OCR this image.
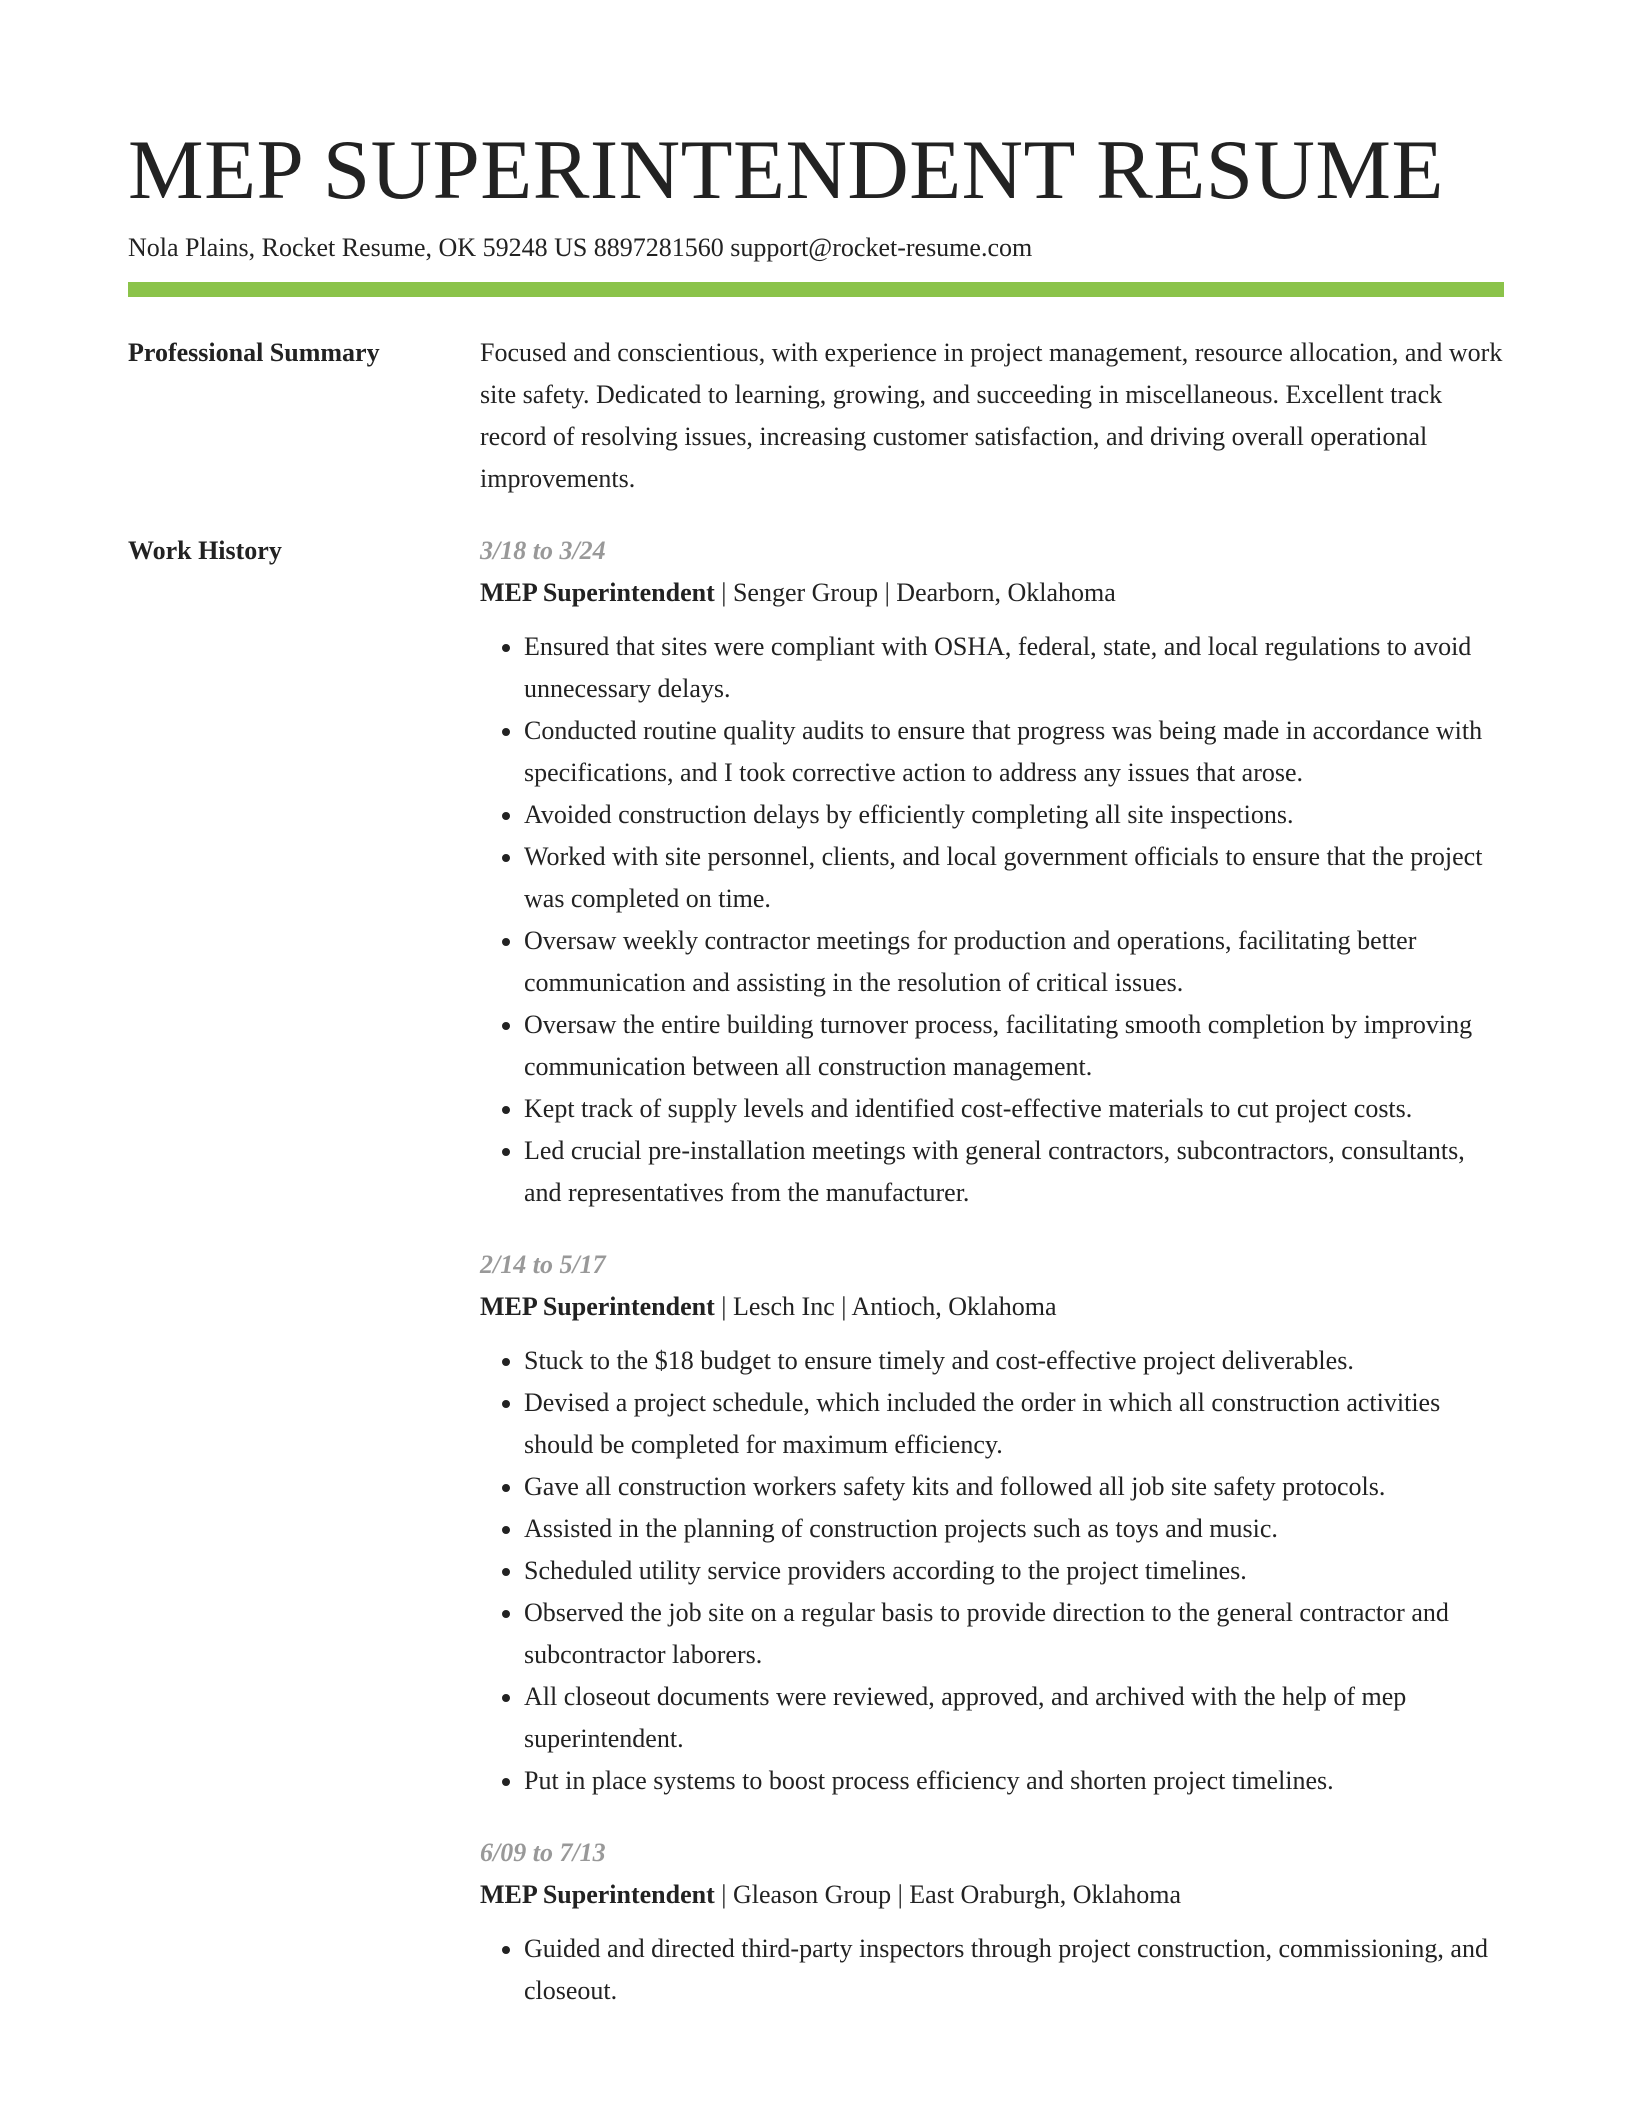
MEP SUPERINTENDENT RESUME
Nola Plains, Rocket Resume, OK 59248 US 8897281560 support@rocket-resume.com
Professional Summary	Focused and conscientious, with experience in project management, resource allocation, and work site safety. Dedicated to learning, growing, and succeeding in miscellaneous. Excellent track record of resolving issues, increasing customer satisfaction, and driving overall operational improvements.
Work History	3/18 to 3/24
MEP Superintendent | Senger Group | Dearborn, Oklahoma
• Ensured that sites were compliant with OSHA, federal, state, and local regulations to avoid unnecessary delays.
• Conducted routine quality audits to ensure that progress was being made in accordance with specifications, and I took corrective action to address any issues that arose.
• Avoided construction delays by efficiently completing all site inspections.
• Worked with site personnel, clients, and local government officials to ensure that the project was completed on time.
• Oversaw weekly contractor meetings for production and operations, facilitating better communication and assisting in the resolution of critical issues.
• Oversaw the entire building turnover process, facilitating smooth completion by improving communication between all construction management.
• Kept track of supply levels and identified cost-effective materials to cut project costs.
• Led crucial pre-installation meetings with general contractors, subcontractors, consultants, and representatives from the manufacturer.
2/14 to 5/17
MEP Superintendent | Lesch Inc | Antioch, Oklahoma
• Stuck to the $18 budget to ensure timely and cost-effective project deliverables.
• Devised a project schedule, which included the order in which all construction activities should be completed for maximum efficiency.
• Gave all construction workers safety kits and followed all job site safety protocols.
• Assisted in the planning of construction projects such as toys and music.
• Scheduled utility service providers according to the project timelines.
• Observed the job site on a regular basis to provide direction to the general contractor and subcontractor laborers.
• All closeout documents were reviewed, approved, and archived with the help of mep superintendent.
• Put in place systems to boost process efficiency and shorten project timelines.
6/09 to 7/13
MEP Superintendent | Gleason Group | East Oraburgh, Oklahoma
• Guided and directed third-party inspectors through project construction, commissioning, and closeout.
